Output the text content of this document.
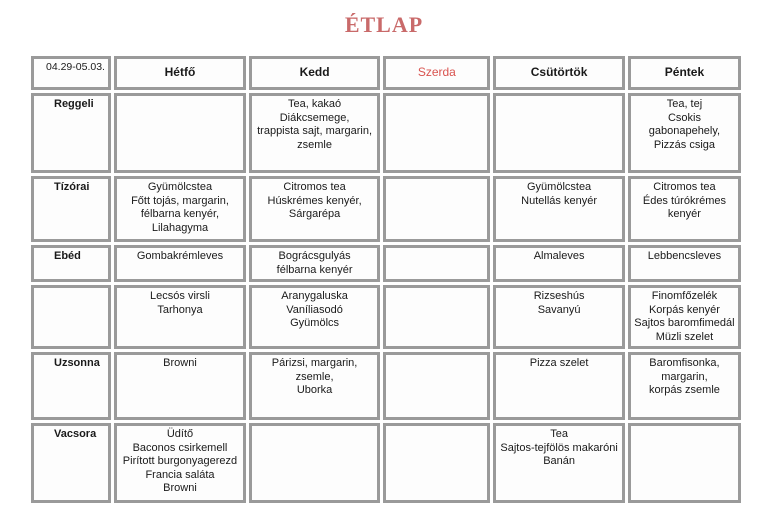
ÉTLAP
04.29-05.03.	Hétfő	Kedd	Szerda	Csütörtök	Péntek
Reggeli		Tea, kakaó
Diákcsemege,
trappista sajt, margarin,
zsemle			Tea, tej
Csokis
gabonapehely,
Pizzás csiga

Tízórai	Gyümölcstea
Főtt tojás, margarin,
félbarna kenyér,
Lilahagyma	Citromos tea
Húskrémes kenyér,
Sárgarépa		Gyümölcstea
Nutellás kenyér	Citromos tea
Édes túrókrémes
kenyér

Ebéd	Gombakrémleves	Bográcsgulyás
félbarna kenyér		Almaleves	Lebbencsleves

	Lecsós virsli
Tarhonya	Aranygaluska
Vaníliasodó
Gyümölcs		Rizseshús
Savanyú	Finomfőzelék
Korpás kenyér
Sajtos baromfimedál
Müzli szelet

Uzsonna	Browni	Párizsi, margarin,
zsemle,
Uborka		Pizza szelet	Baromfisonka,
margarin,
korpás zsemle

Vacsora	Üdítő
Baconos csirkemell
Pirított burgonyagerezd
Francia saláta
Browni			Tea
Sajtos-tejfölös makaróni
Banán	
